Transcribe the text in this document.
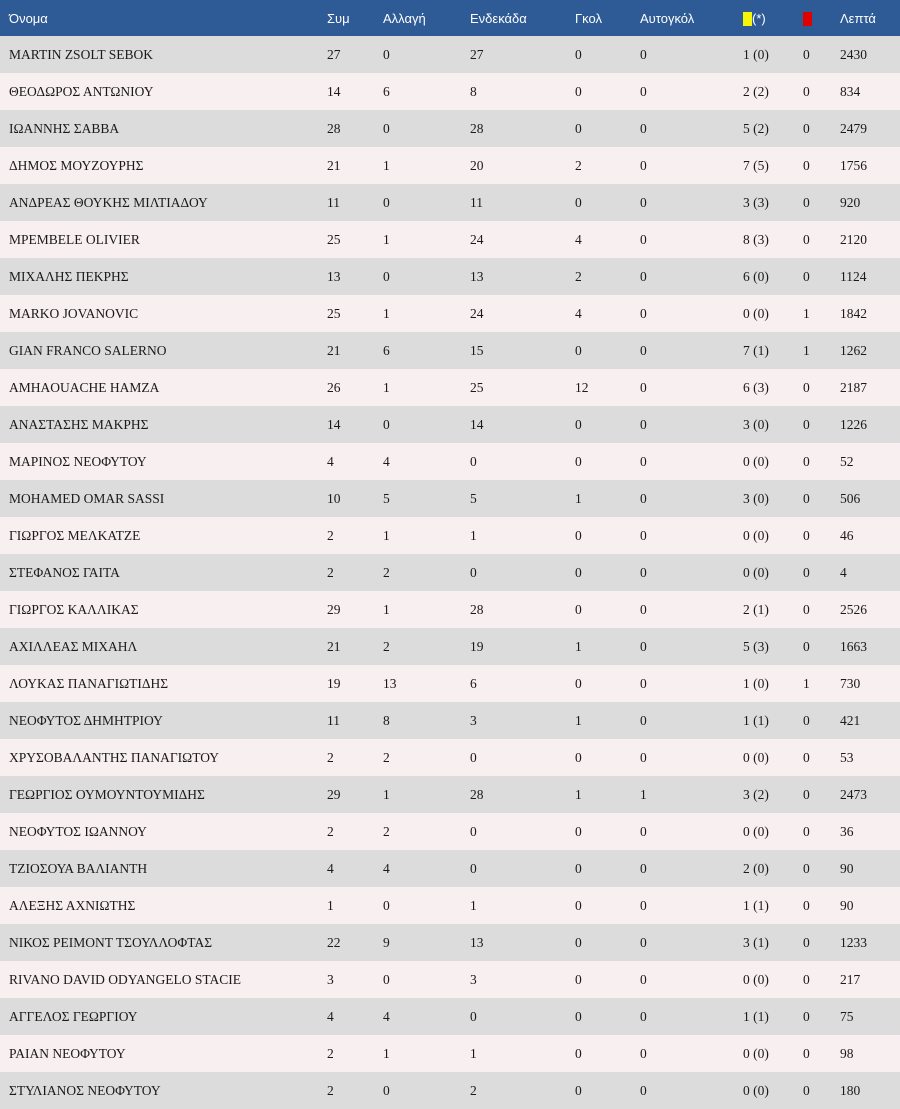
Όνομα	Συμ	Αλλαγή	Ενδεκάδα	Γκολ	Αυτογκόλ	(*)		Λεπτά
MARTIN ZSOLT SEBOK	27	0	27	0	0	1 (0)	0	2430
ΘΕΟΔΩΡΟΣ ΑΝΤΩΝΙΟΥ	14	6	8	0	0	2 (2)	0	834
ΙΩΑΝΝΗΣ ΣΑΒΒΑ	28	0	28	0	0	5 (2)	0	2479
ΔΗΜΟΣ ΜΟΥΖΟΥΡΗΣ	21	1	20	2	0	7 (5)	0	1756
ΑΝΔΡΕΑΣ ΘΟΥΚΗΣ ΜΙΛΤΙΑΔΟΥ	11	0	11	0	0	3 (3)	0	920
ΜΡΕΜΒΕLE OLIVIER	25	1	24	4	0	8 (3)	0	2120
ΜΙΧΑΛΗΣ ΠΕΚΡΗΣ	13	0	13	2	0	6 (0)	0	1124
MARKO JOVANOVIC	25	1	24	4	0	0 (0)	1	1842
GIAN FRANCO SALERNO	21	6	15	0	0	7 (1)	1	1262
AMHAOUACHE HAMZA	26	1	25	12	0	6 (3)	0	2187
ΑΝΑΣΤΑΣΗΣ ΜΑΚΡΗΣ	14	0	14	0	0	3 (0)	0	1226
ΜΑΡΙΝΟΣ ΝΕΟΦΥΤΟΥ	4	4	0	0	0	0 (0)	0	52
MOHAMED OMAR SASSI	10	5	5	1	0	3 (0)	0	506
ΓΙΩΡΓΟΣ ΜΕΛΚΑΤΖΕ	2	1	1	0	0	0 (0)	0	46
ΣΤΕΦΑΝΟΣ ΓΑΙΤΑ	2	2	0	0	0	0 (0)	0	4
ΓΙΩΡΓΟΣ ΚΑΛΛΙΚΑΣ	29	1	28	0	0	2 (1)	0	2526
ΑΧΙΛΛΕΑΣ ΜΙΧΑΗΛ	21	2	19	1	0	5 (3)	0	1663
ΛΟΥΚΑΣ ΠΑΝΑΓΙΩΤΙΔΗΣ	19	13	6	0	0	1 (0)	1	730
ΝΕΟΦΥΤΟΣ ΔΗΜΗΤΡΙΟΥ	11	8	3	1	0	1 (1)	0	421
ΧΡΥΣΟΒΑΛΑΝΤΗΣ ΠΑΝΑΓΙΩΤΟΥ	2	2	0	0	0	0 (0)	0	53
ΓΕΩΡΓΙΟΣ ΟΥΜΟΥΝΤΟΥΜΙΔΗΣ	29	1	28	1	1	3 (2)	0	2473
ΝΕΟΦΥΤΟΣ ΙΩΑΝΝΟΥ	2	2	0	0	0	0 (0)	0	36
ΤΖΙΟΣΟΥΑ ΒΑΛΙΑΝΤΗ	4	4	0	0	0	2 (0)	0	90
ΑΛΕΞΗΣ ΑΧΝΙΩΤΗΣ	1	0	1	0	0	1 (1)	0	90
ΝΙΚΟΣ ΡΕΙΜΟΝΤ ΤΣΟΥΛΛΟΦΤΑΣ	22	9	13	0	0	3 (1)	0	1233
RIVANO DAVID ODYANGELO STACIE	3	0	3	0	0	0 (0)	0	217
ΑΓΓΕΛΟΣ ΓΕΩΡΓΙΟΥ	4	4	0	0	0	1 (1)	0	75
ΡΑΙΑΝ ΝΕΟΦΥΤΟΥ	2	1	1	0	0	0 (0)	0	98
ΣΤΥΛΙΑΝΟΣ ΝΕΟΦΥΤΟΥ	2	0	2	0	0	0 (0)	0	180
